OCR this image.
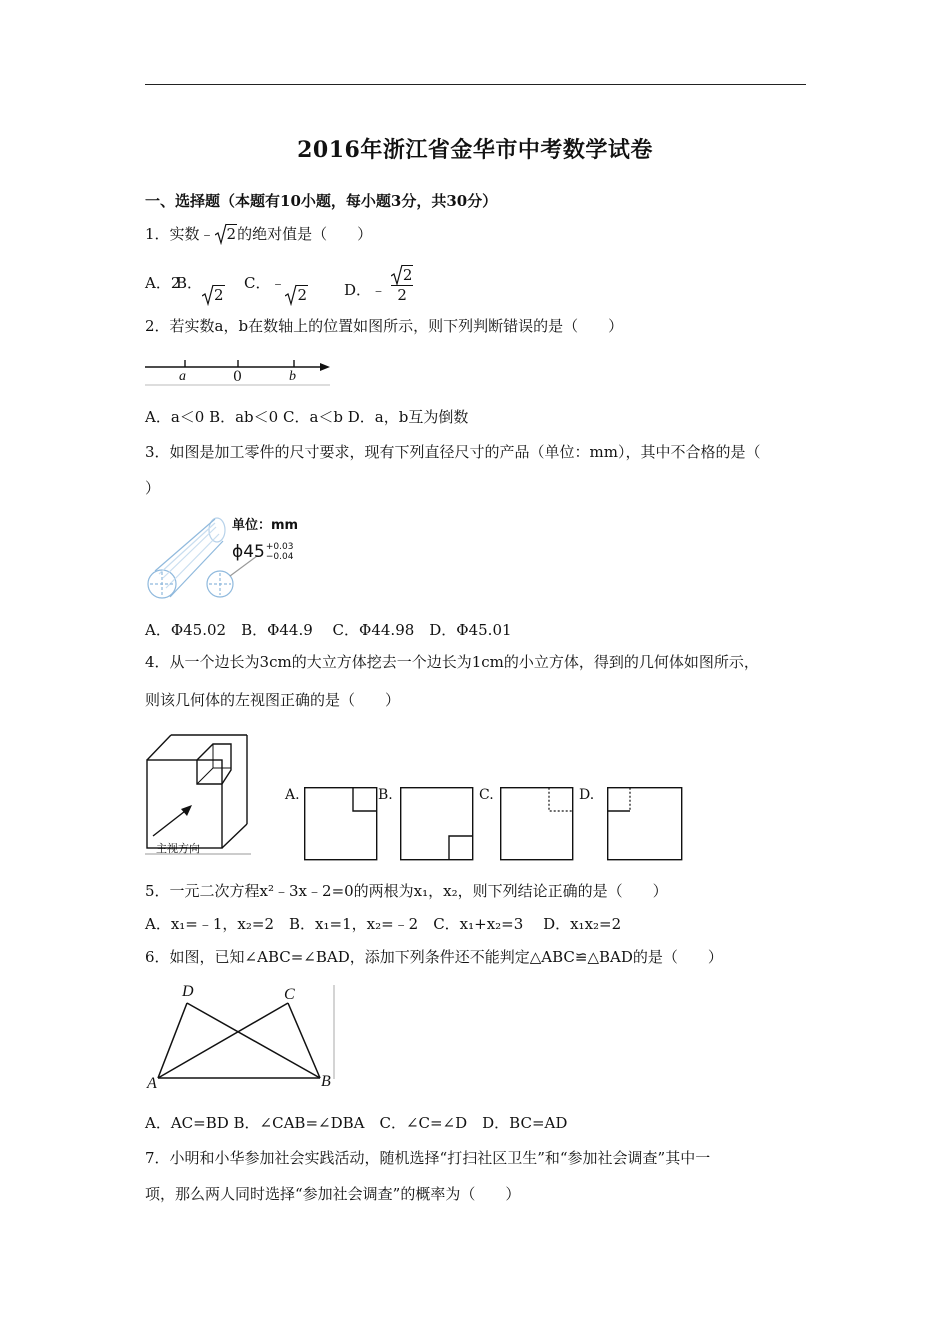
2016年浙江省金华市中考数学试卷
一、选择题（本题有10小题，每小题3分，共30分）
1．实数﹣ 2的绝对值是（　　）
A．2
B．
2
C．﹣
2 D．﹣ $\frac{2}{2}$
2．若实数a，b在数轴上的位置如图所示，则下列判断错误的是（　　）
a	0	b
A．a＜0 B．ab＜0 C．a＜b D．a，b互为倒数
3．如图是加工零件的尺寸要求，现有下列直径尺寸的产品（单位：mm），其中不合格的是（
）
单位：mm
ϕ45 +0.03
−0.04
A．Φ45.02　B．Φ44.9　 C．Φ44.98　D．Φ45.01
4．从一个边长为3cm的大立方体挖去一个边长为1cm的小立方体，得到的几何体如图所示，
则该几何体的左视图正确的是（　　）
主视方向
A.	B.	C.	D.
5．一元二次方程x²﹣3x﹣2=0的两根为x₁，x₂，则下列结论正确的是（　　）
A．x₁=﹣1，x₂=2　B．x₁=1，x₂=﹣2　C．x₁+x₂=3　 D．x₁x₂=2
6．如图，已知∠ABC=∠BAD，添加下列条件还不能判定△ABC≌△BAD的是（　　）
D	C
A	B
A．AC=BD B．∠CAB=∠DBA　C．∠C=∠D　D．BC=AD
7．小明和小华参加社会实践活动，随机选择“打扫社区卫生”和“参加社会调查”其中一
项，那么两人同时选择“参加社会调查”的概率为（　　）
